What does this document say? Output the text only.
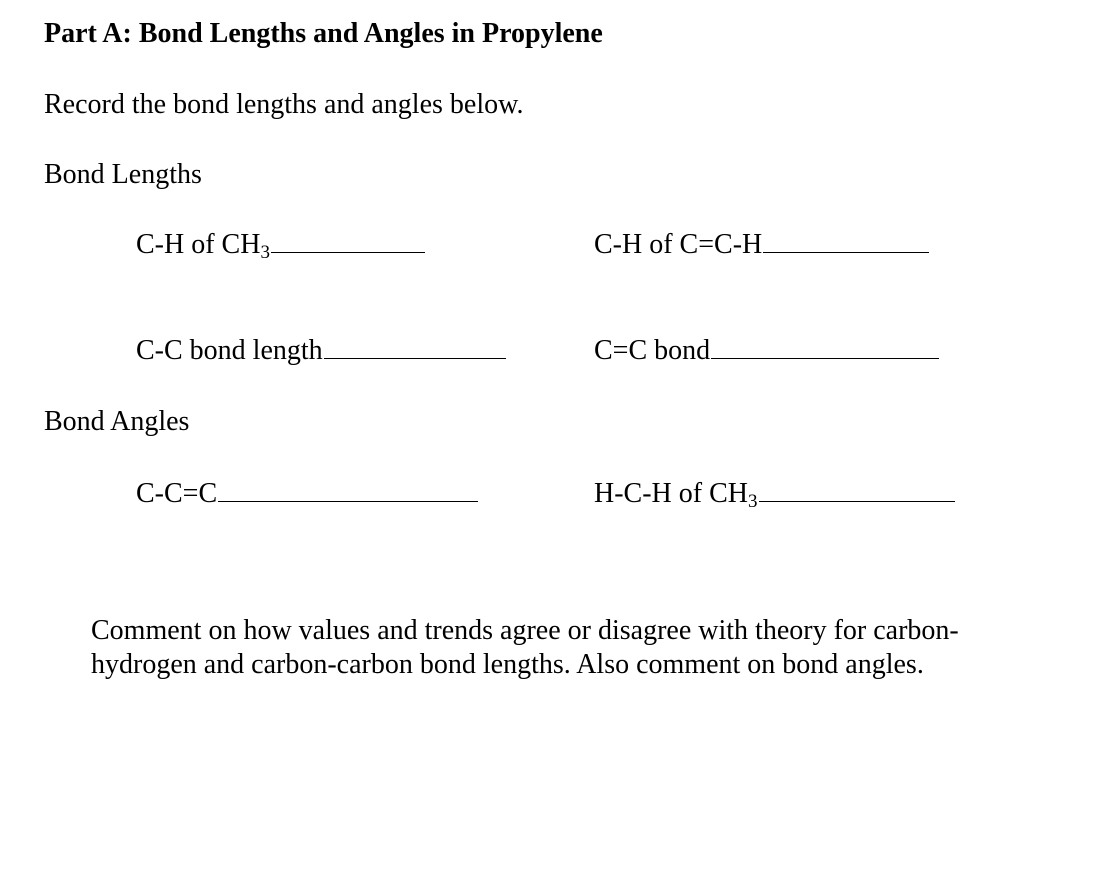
Part A: Bond Lengths and Angles in Propylene
Record the bond lengths and angles below.
Bond Lengths
C-H of $CH_3$	C-H of C=C-H
C-C bond length	C=C bond
Bond Angles
C-C=C	H-C-H of $CH_3$
Comment on how values and trends agree or disagree with theory for carbon-hydrogen and carbon-carbon bond lengths. Also comment on bond angles.
